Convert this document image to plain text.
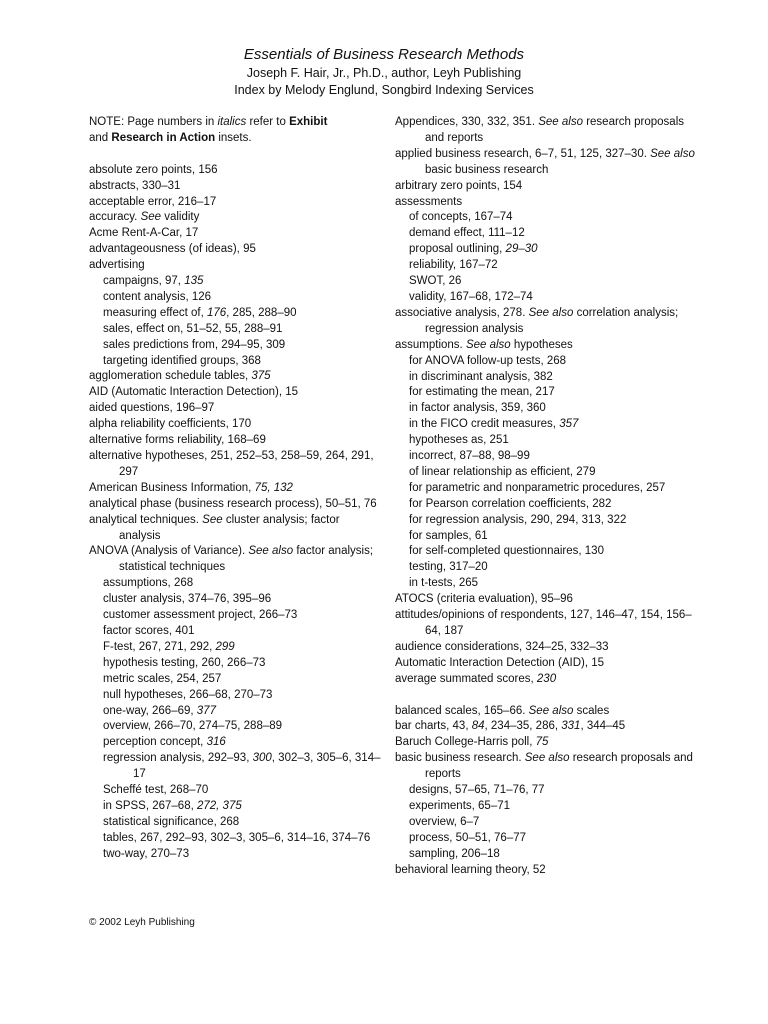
Essentials of Business Research Methods
Joseph F. Hair, Jr., Ph.D., author, Leyh Publishing
Index by Melody Englund, Songbird Indexing Services
NOTE: Page numbers in italics refer to Exhibit
and Research in Action insets.
absolute zero points, 156
abstracts, 330–31
acceptable error, 216–17
accuracy. See validity
Acme Rent-A-Car, 17
advantageousness (of ideas), 95
advertising
campaigns, 97, 135
content analysis, 126
measuring effect of, 176, 285, 288–90
sales, effect on, 51–52, 55, 288–91
sales predictions from, 294–95, 309
targeting identified groups, 368
agglomeration schedule tables, 375
AID (Automatic Interaction Detection), 15
aided questions, 196–97
alpha reliability coefficients, 170
alternative forms reliability, 168–69
alternative hypotheses, 251, 252–53, 258–59, 264, 291, 297
American Business Information, 75, 132
analytical phase (business research process), 50–51, 76
analytical techniques. See cluster analysis; factor analysis
ANOVA (Analysis of Variance). See also factor analysis; statistical techniques
assumptions, 268
cluster analysis, 374–76, 395–96
customer assessment project, 266–73
factor scores, 401
F-test, 267, 271, 292, 299
hypothesis testing, 260, 266–73
metric scales, 254, 257
null hypotheses, 266–68, 270–73
one-way, 266–69, 377
overview, 266–70, 274–75, 288–89
perception concept, 316
regression analysis, 292–93, 300, 302–3, 305–6, 314–17
Scheffé test, 268–70
in SPSS, 267–68, 272, 375
statistical significance, 268
tables, 267, 292–93, 302–3, 305–6, 314–16, 374–76
two-way, 270–73
Appendices, 330, 332, 351. See also research proposals and reports
applied business research, 6–7, 51, 125, 327–30. See also basic business research
arbitrary zero points, 154
assessments
of concepts, 167–74
demand effect, 111–12
proposal outlining, 29–30
reliability, 167–72
SWOT, 26
validity, 167–68, 172–74
associative analysis, 278. See also correlation analysis; regression analysis
assumptions. See also hypotheses
for ANOVA follow-up tests, 268
in discriminant analysis, 382
for estimating the mean, 217
in factor analysis, 359, 360
in the FICO credit measures, 357
hypotheses as, 251
incorrect, 87–88, 98–99
of linear relationship as efficient, 279
for parametric and nonparametric procedures, 257
for Pearson correlation coefficients, 282
for regression analysis, 290, 294, 313, 322
for samples, 61
for self-completed questionnaires, 130
testing, 317–20
in t-tests, 265
ATOCS (criteria evaluation), 95–96
attitudes/opinions of respondents, 127, 146–47, 154, 156–64, 187
audience considerations, 324–25, 332–33
Automatic Interaction Detection (AID), 15
average summated scores, 230
balanced scales, 165–66. See also scales
bar charts, 43, 84, 234–35, 286, 331, 344–45
Baruch College-Harris poll, 75
basic business research. See also research proposals and reports
designs, 57–65, 71–76, 77
experiments, 65–71
overview, 6–7
process, 50–51, 76–77
sampling, 206–18
behavioral learning theory, 52
© 2002 Leyh Publishing
